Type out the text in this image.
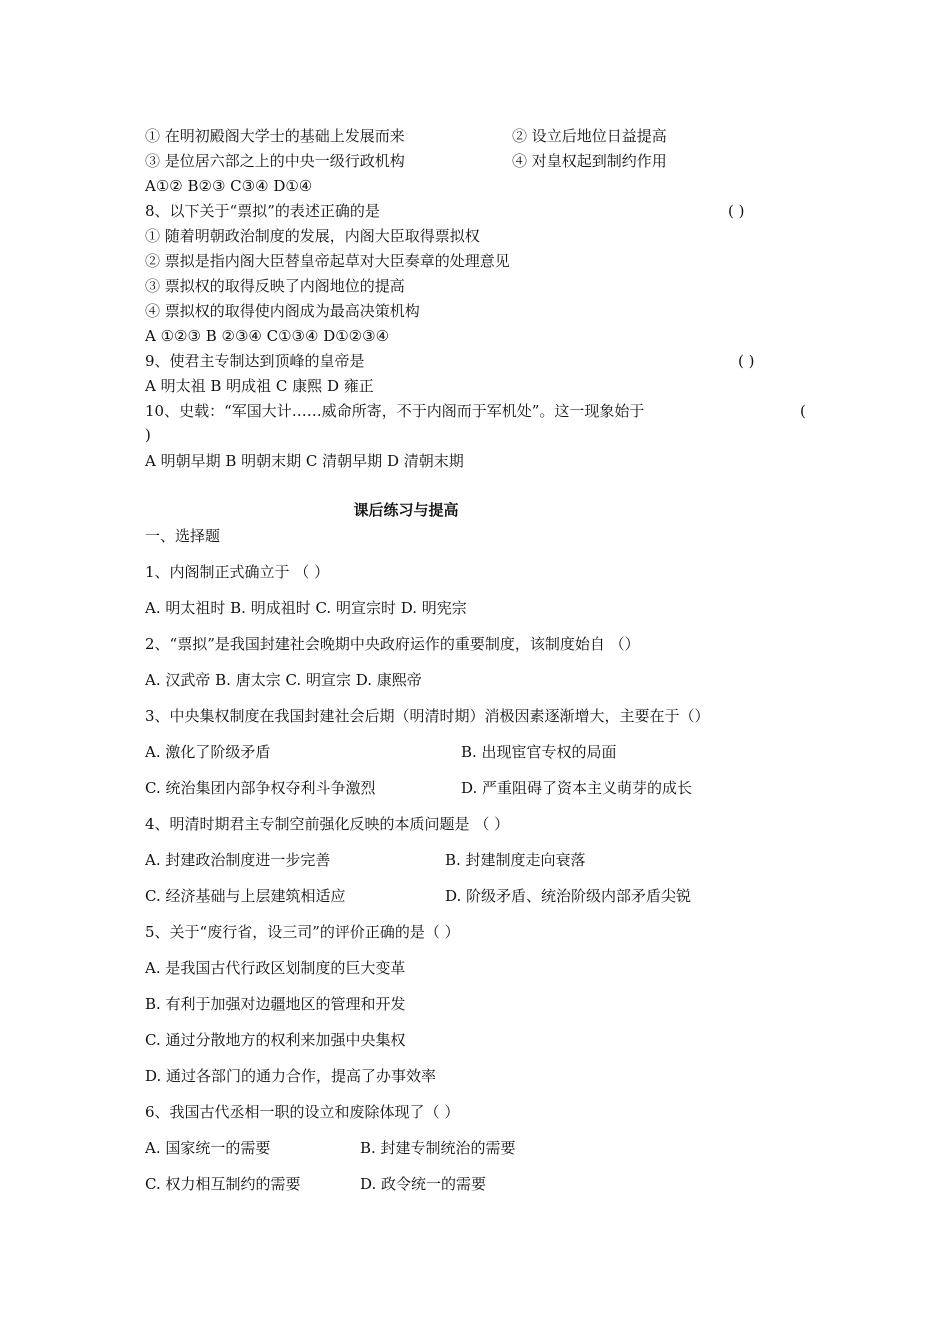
① 在明初殿阁大学士的基础上发展而来	② 设立后地位日益提高
③ 是位居六部之上的中央一级行政机构	④ 对皇权起到制约作用
A①② B②③ C③④ D①④
8、以下关于“票拟”的表述正确的是	( )
① 随着明朝政治制度的发展，内阁大臣取得票拟权
② 票拟是指内阁大臣替皇帝起草对大臣奏章的处理意见
③ 票拟权的取得反映了内阁地位的提高
④ 票拟权的取得使内阁成为最高决策机构
A ①②③ B ②③④ C①③④ D①②③④
9、使君主专制达到顶峰的皇帝是	( )
A 明太祖 B 明成祖 C 康熙 D 雍正
10、史载：“军国大计……威命所寄，不于内阁而于军机处”。这一现象始于	(
)
A 明朝早期 B 明朝末期 C 清朝早期 D 清朝末期
课后练习与提高
一、选择题
1、内阁制正式确立于 （ ）
A. 明太祖时 B. 明成祖时 C. 明宣宗时 D. 明宪宗
2、“票拟”是我国封建社会晚期中央政府运作的重要制度，该制度始自 （）
A. 汉武帝 B. 唐太宗 C. 明宣宗 D. 康熙帝
3、中央集权制度在我国封建社会后期（明清时期）消极因素逐渐增大，主要在于（）
A. 激化了阶级矛盾	B. 出现宦官专权的局面
C. 统治集团内部争权夺利斗争激烈	D. 严重阻碍了资本主义萌芽的成长
4、明清时期君主专制空前强化反映的本质问题是 （ ）
A. 封建政治制度进一步完善	B. 封建制度走向衰落
C. 经济基础与上层建筑相适应	D. 阶级矛盾、统治阶级内部矛盾尖锐
5、关于“废行省，设三司”的评价正确的是（ ）
A. 是我国古代行政区划制度的巨大变革
B. 有利于加强对边疆地区的管理和开发
C. 通过分散地方的权利来加强中央集权
D. 通过各部门的通力合作，提高了办事效率
6、我国古代丞相一职的设立和废除体现了（ ）
A. 国家统一的需要	B. 封建专制统治的需要
C. 权力相互制约的需要	D. 政令统一的需要
